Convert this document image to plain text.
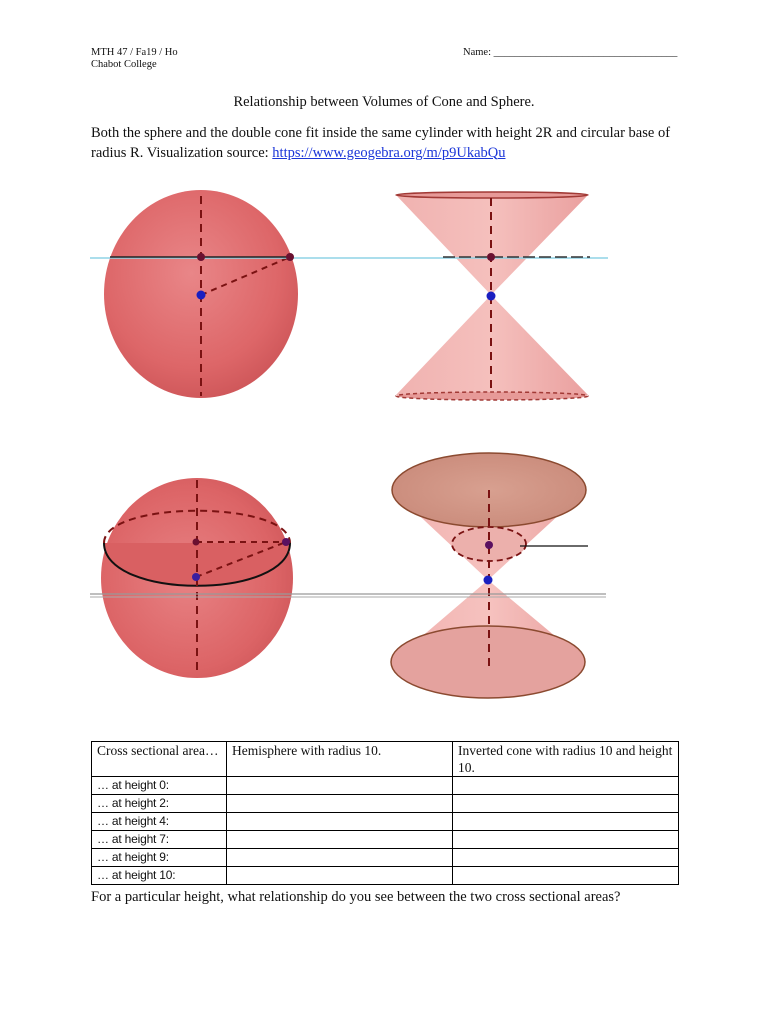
MTH 47 / Fa19 / Ho
Chabot College
Name: ___________________________________
Relationship between Volumes of Cone and Sphere.
Both the sphere and the double cone fit inside the same cylinder with height 2R and circular base of radius R. Visualization source: https://www.geogebra.org/m/p9UkabQu
Cross sectional area…	Hemisphere with radius 10.	Inverted cone with radius 10 and height 10.
… at height 0:		
… at height 2:		
… at height 4:		
… at height 7:		
… at height 9:		
… at height 10:		
For a particular height, what relationship do you see between the two cross sectional areas?
